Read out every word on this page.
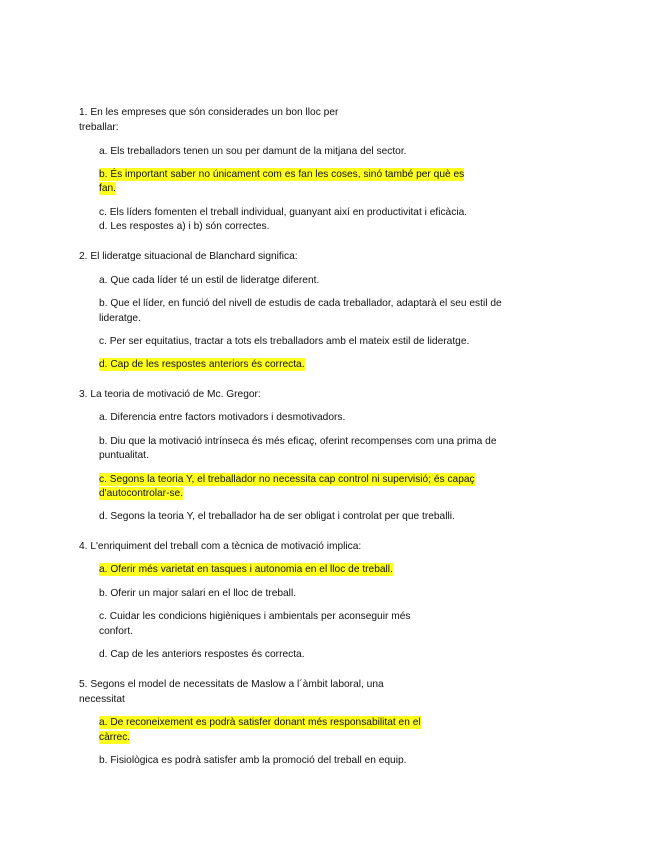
1. En les empreses que són considerades un bon lloc per
treballar:
a. Els treballadors tenen un sou per damunt de la mitjana del sector.
b. És important saber no únicament com es fan les coses, sinó també per què es
fan.
c. Els líders fomenten el treball individual, guanyant així en productivitat i eficàcia.
d. Les respostes a) i b) són correctes.
2. El lideratge situacional de Blanchard significa:
a. Que cada líder té un estil de lideratge diferent.
b. Que el líder, en funció del nivell de estudis de cada treballador, adaptarà el seu estil de
lideratge.
c. Per ser equitatius, tractar a tots els treballadors amb el mateix estil de lideratge.
d. Cap de les respostes anteriors és correcta.
3. La teoria de motivació de Mc. Gregor:
a. Diferencia entre factors motivadors i desmotivadors.
b. Diu que la motivació intrínseca és més eficaç, oferint recompenses com una prima de
puntualitat.
c. Segons la teoria Y, el treballador no necessita cap control ni supervisió; és capaç
d'autocontrolar-se.
d. Segons la teoria Y, el treballador ha de ser obligat i controlat per que treballi.
4. L'enriquiment del treball com a tècnica de motivació implica:
a. Oferir més varietat en tasques i autonomia en el lloc de treball.
b. Oferir un major salari en el lloc de treball.
c. Cuidar les condicions higièniques i ambientals per aconseguir més
confort.
d. Cap de les anteriors respostes és correcta.
5. Segons el model de necessitats de Maslow a l´àmbit laboral, una
necessitat
a. De reconeixement es podrà satisfer donant més responsabilitat en el
càrrec.
b. Fisiològica es podrà satisfer amb la promoció del treball en equip.
